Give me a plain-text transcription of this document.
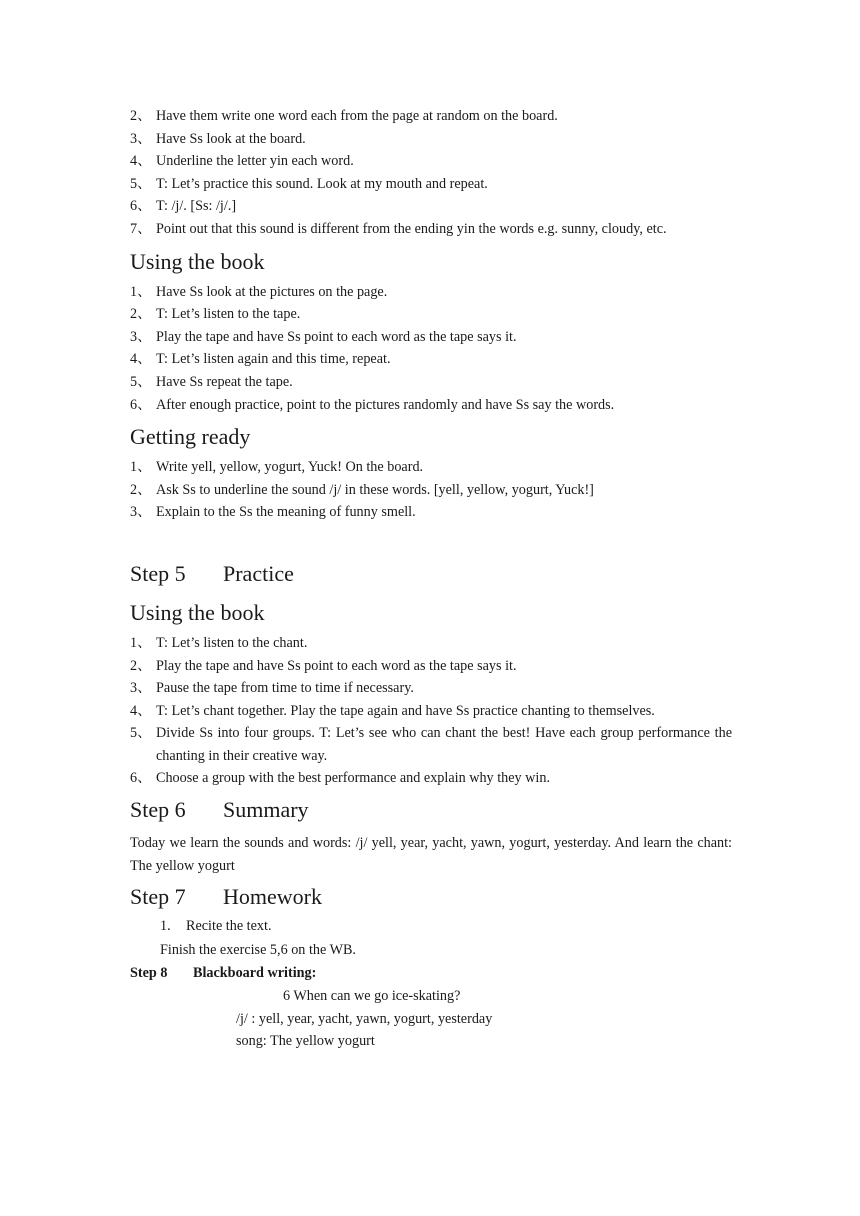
2、 Have them write one word each from the page at random on the board.
3、 Have Ss look at the board.
4、 Underline the letter yin each word.
5、 T: Let’s practice this sound. Look at my mouth and repeat.
6、 T: /j/. [Ss: /j/.]
7、 Point out that this sound is different from the ending yin the words e.g. sunny, cloudy, etc.
Using the book
1、 Have Ss look at the pictures on the page.
2、 T: Let’s listen to the tape.
3、 Play the tape and have Ss point to each word as the tape says it.
4、 T: Let’s listen again and this time, repeat.
5、 Have Ss repeat the tape.
6、 After enough practice, point to the pictures randomly and have Ss say the words.
Getting ready
1、 Write yell, yellow, yogurt, Yuck! On the board.
2、 Ask Ss to underline the sound /j/ in these words. [yell, yellow, yogurt, Yuck!]
3、 Explain to the Ss the meaning of funny smell.
Step 5 Practice
Using the book
1、 T: Let’s listen to the chant.
2、 Play the tape and have Ss point to each word as the tape says it.
3、 Pause the tape from time to time if necessary.
4、 T: Let’s chant together. Play the tape again and have Ss practice chanting to themselves.
5、 Divide Ss into four groups. T: Let’s see who can chant the best! Have each group performance the chanting in their creative way.
6、 Choose a group with the best performance and explain why they win.
Step 6 Summary
Today we learn the sounds and words: /j/ yell, year, yacht, yawn, yogurt, yesterday. And learn the chant: The yellow yogurt
Step 7 Homework
1. Recite the text.
Finish the exercise 5,6 on the WB.
Step 8 Blackboard writing:
6 When can we go ice-skating?
/j/ : yell, year, yacht, yawn, yogurt, yesterday
song: The yellow yogurt
